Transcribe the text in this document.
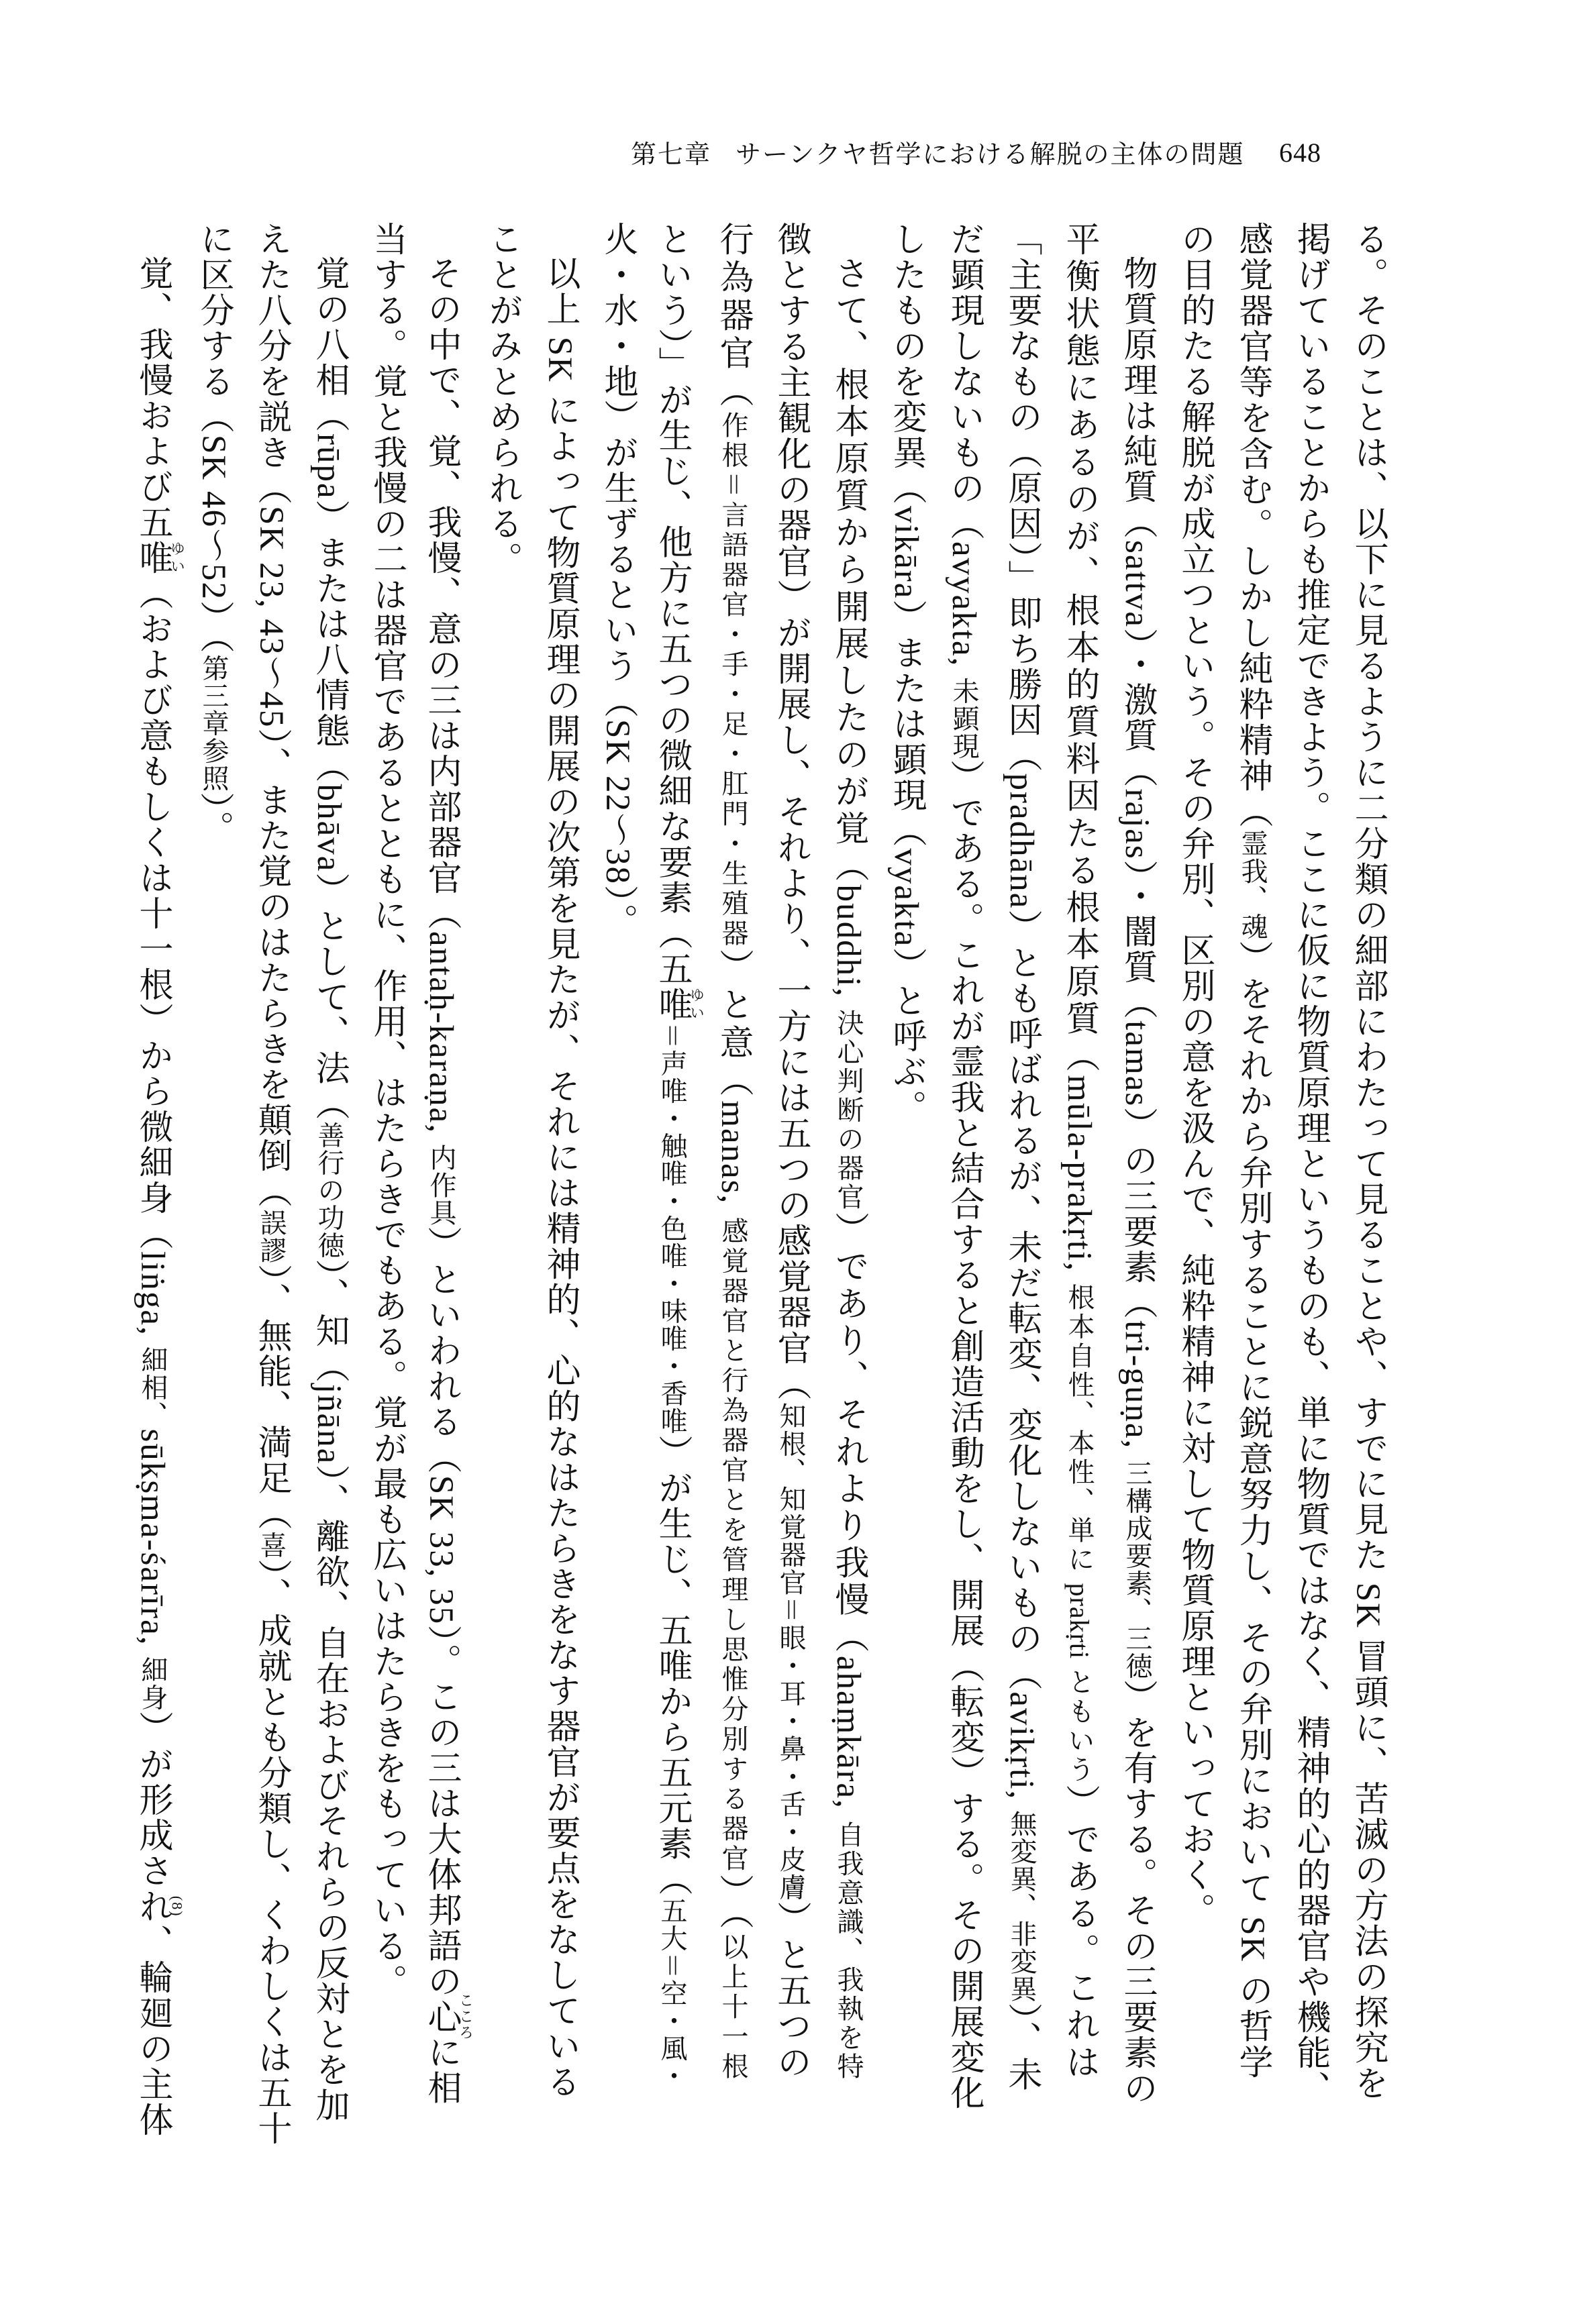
第七章 サーンクヤ哲学における解脱の主体の問題 648
る。そのことは、以下に見るように二分類の細部にわたって見ることや、すでに見た SK 冒頭に、苦滅の方法の探究を
掲げていることからも推定できよう。ここに仮に物質原理というものも、単に物質ではなく、精神的心的器官や機能、
感覚器官等を含む。しかし純粋精神（霊我、魂）をそれから弁別することに鋭意努力し、その弁別において SK の哲学
の目的たる解脱が成立つという。その弁別、区別の意を汲んで、純粋精神に対して物質原理といっておく。
物質原理は純質（sattva）・激質（rajas）・闇質（tamas）の三要素（tri-guṇa, 三構成要素、三徳）を有する。その三要素の
平衡状態にあるのが、根本的質料因たる根本原質（mūla-prakṛti, 根本自性、本性、単に prakṛti ともいう）である。これは
「主要なもの（原因）」即ち勝因（pradhāna）とも呼ばれるが、未だ転変、変化しないもの（avikṛti, 無変異、非変異）、未
だ顕現しないもの（avyakta, 未顕現）である。これが霊我と結合すると創造活動をし、開展（転変）する。その開展変化
したものを変異（vikāra）または顕現（vyakta）と呼ぶ。
さて、根本原質から開展したのが覚（buddhi, 決心判断の器官）であり、それより我慢（ahaṃkāra, 自我意識、我執を特
徴とする主観化の器官）が開展し、それより、一方には五つの感覚器官（知根、知覚器官＝眼・耳・鼻・舌・皮膚）と五つの
行為器官（作根＝言語器官・手・足・肛門・生殖器）と意（manas, 感覚器官と行為器官とを管理し思惟分別する器官）（以上十一根
という）」が生じ、他方に五つの微細な要素（五唯ゆい＝声唯・触唯・色唯・味唯・香唯）が生じ、五唯から五元素（五大＝空・風・
火・水・地）が生ずるという（SK 22〜38）。
以上 SK によって物質原理の開展の次第を見たが、それには精神的、心的なはたらきをなす器官が要点をなしている
ことがみとめられる。
その中で、覚、我慢、意の三は内部器官（antaḥ-karaṇa, 内作具）といわれる（SK 33, 35）。この三は大体邦語の心こころに相
当する。覚と我慢の二は器官であるとともに、作用、はたらきでもある。覚が最も広いはたらきをもっている。
覚の八相（rūpa）または八情態（bhāva）として、法（善行の功徳）、知（jñāna）、離欲、自在およびそれらの反対とを加
えた八分を説き（SK 23, 43〜45）、また覚のはたらきを顛倒（誤謬）、無能、満足（喜）、成就とも分類し、くわしくは五十
に区分する（SK 46〜52）（第三章参照）。
覚、我慢および五唯ゆい（および意もしくは十一根）から微細身（liṅga, 細相、sūkṣma-śarīra, 細身）が形成され(8)、輪廻の主体
